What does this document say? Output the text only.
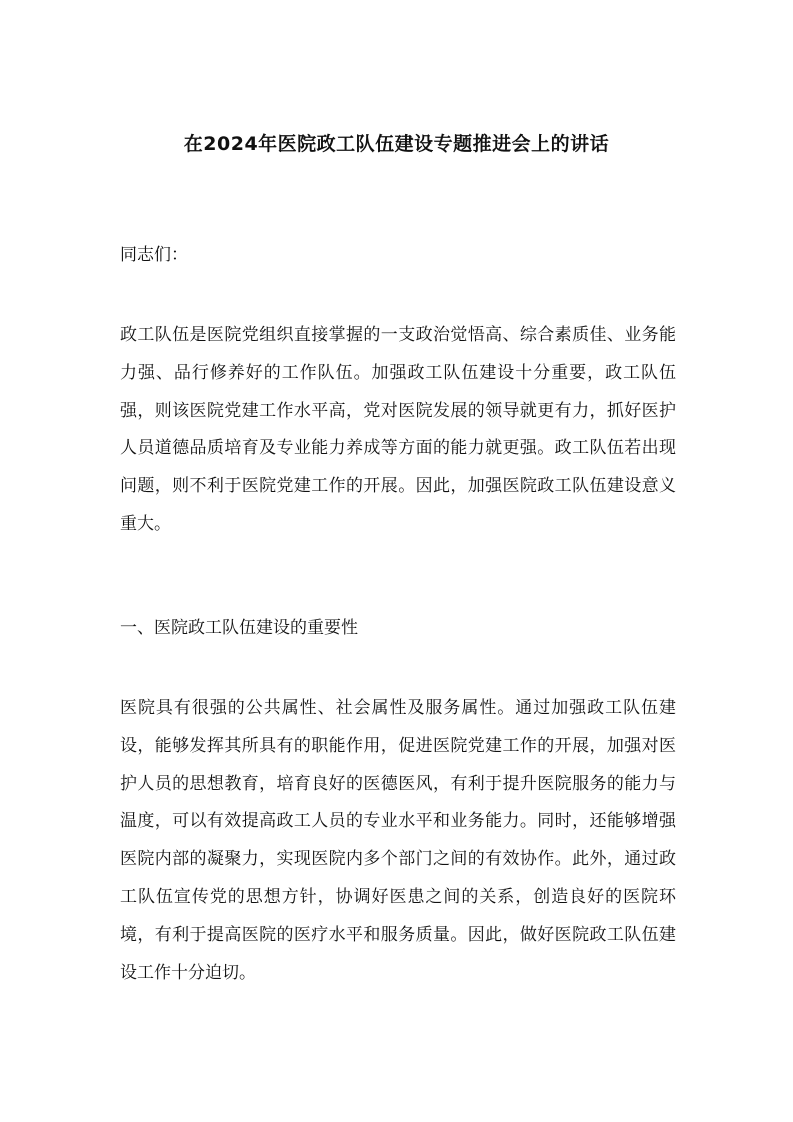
在2024年医院政工队伍建设专题推进会上的讲话
同志们：
政工队伍是医院党组织直接掌握的一支政治觉悟高、综合素质佳、业务能力强、品行修养好的工作队伍。加强政工队伍建设十分重要，政工队伍强，则该医院党建工作水平高，党对医院发展的领导就更有力，抓好医护人员道德品质培育及专业能力养成等方面的能力就更强。政工队伍若出现问题，则不利于医院党建工作的开展。因此，加强医院政工队伍建设意义重大。
一、医院政工队伍建设的重要性
医院具有很强的公共属性、社会属性及服务属性。通过加强政工队伍建设，能够发挥其所具有的职能作用，促进医院党建工作的开展，加强对医护人员的思想教育，培育良好的医德医风，有利于提升医院服务的能力与温度，可以有效提高政工人员的专业水平和业务能力。同时，还能够增强医院内部的凝聚力，实现医院内多个部门之间的有效协作。此外，通过政工队伍宣传党的思想方针，协调好医患之间的关系，创造良好的医院环境，有利于提高医院的医疗水平和服务质量。因此，做好医院政工队伍建设工作十分迫切。
